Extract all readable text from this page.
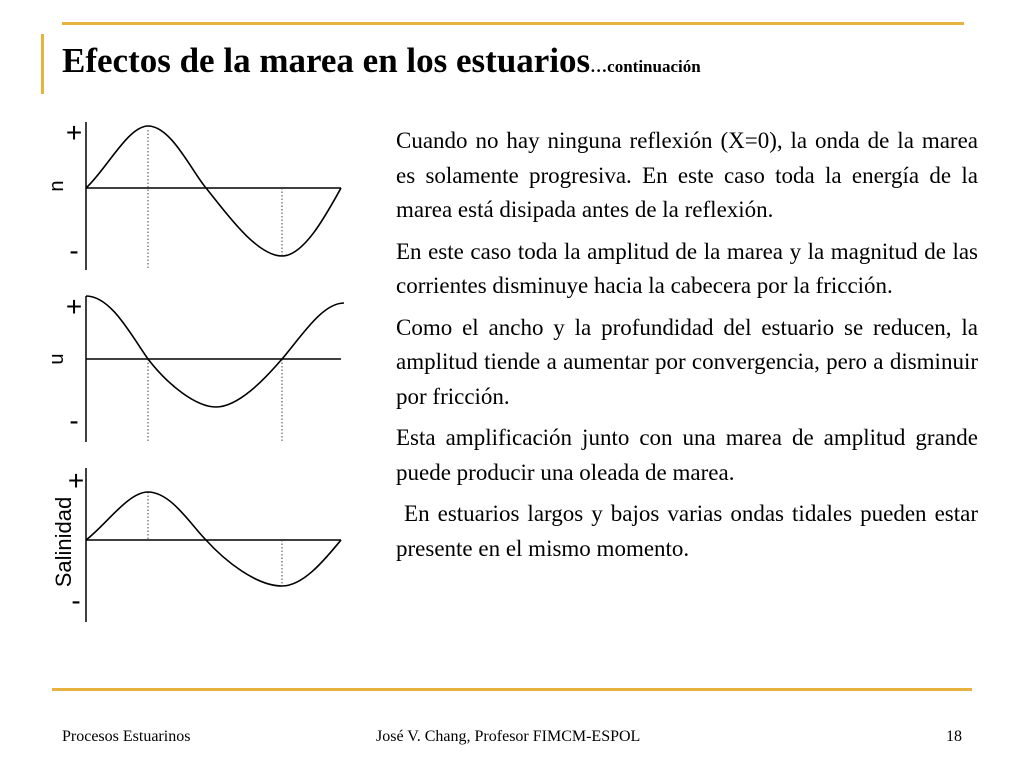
Efectos de la marea en los estuarios…continuación
+
n
-
+
u
-
+
Salinidad
-

Cuando no hay ninguna reflexión (X=0), la onda de la marea es solamente progresiva. En este caso toda la energía de la marea está disipada antes de la reflexión.

En este caso toda la amplitud de la marea y la magnitud de las corrientes disminuye hacia la cabecera por la fricción.

Como el ancho y la profundidad del estuario se reducen, la amplitud tiende a aumentar por convergencia, pero a disminuir por fricción.

Esta amplificación junto con una marea de amplitud grande puede producir una oleada de marea.

En estuarios largos y bajos varias ondas tidales pueden estar presente en el mismo momento.

Procesos Estuarinos	José V. Chang, Profesor FIMCM-ESPOL	18
